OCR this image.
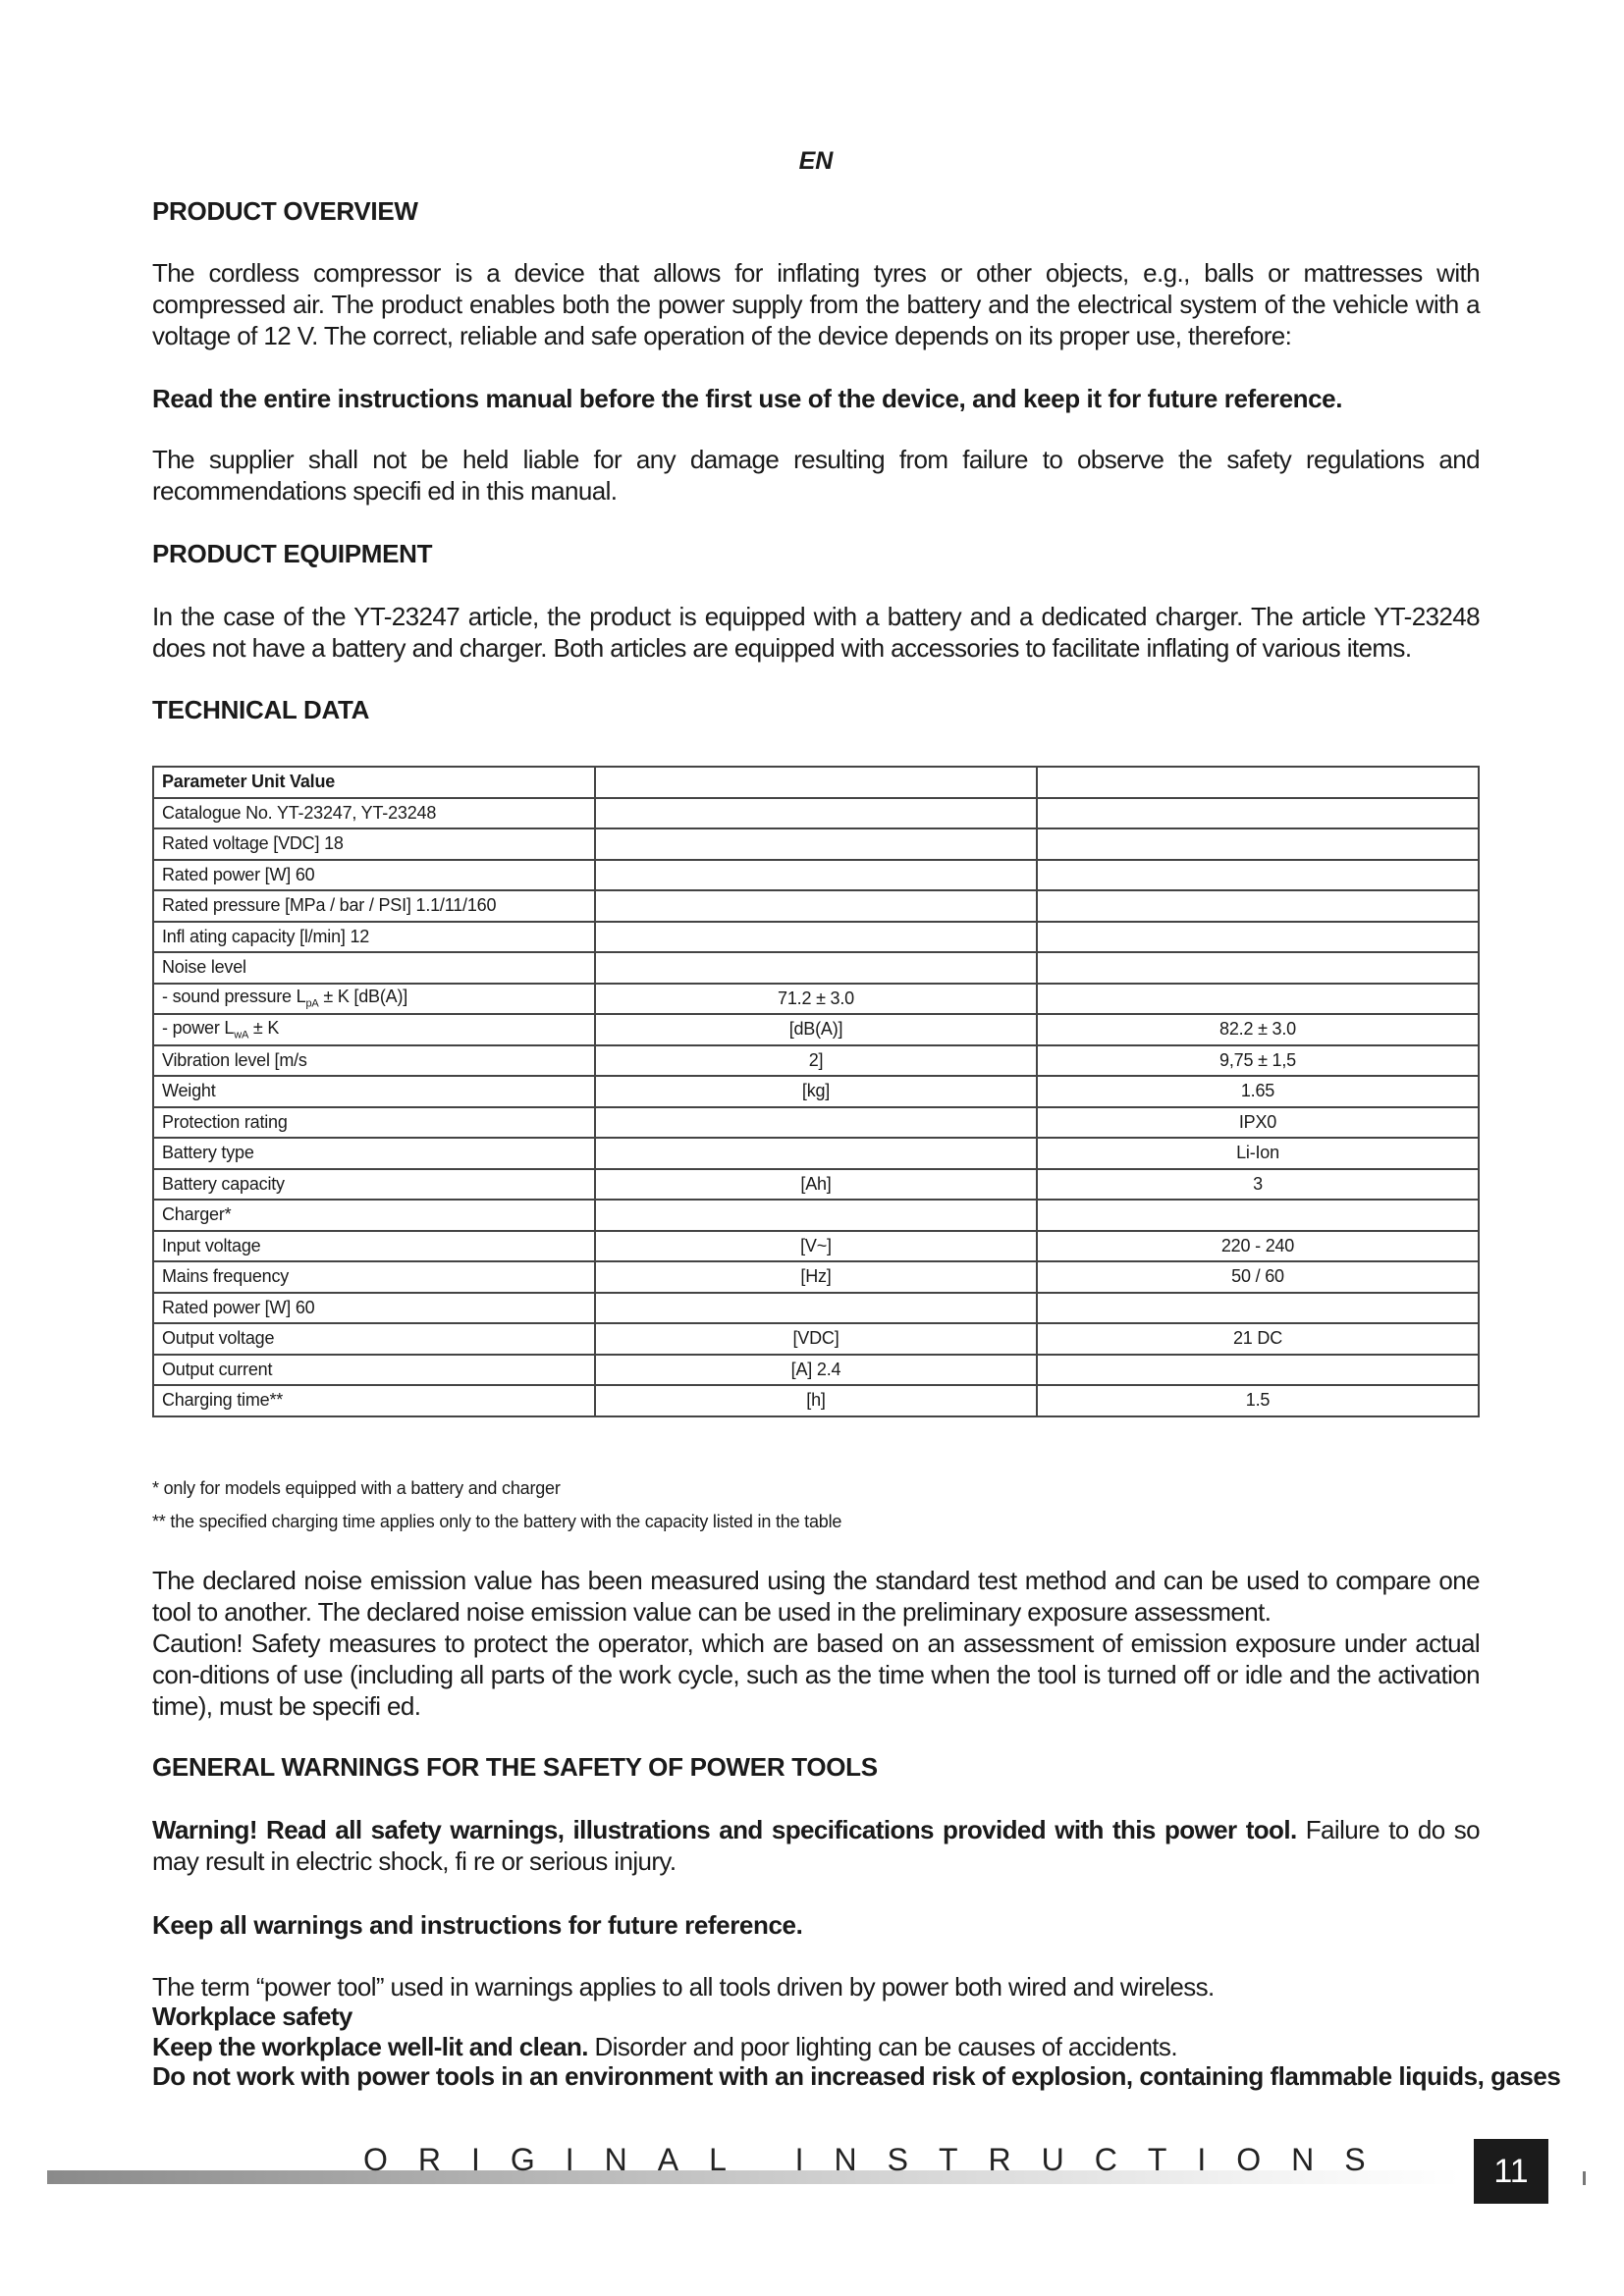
EN
PRODUCT OVERVIEW
The cordless compressor is a device that allows for inflating tyres or other objects, e.g., balls or mattresses with compressed air. The product enables both the power supply from the battery and the electrical system of the vehicle with a voltage of 12 V. The correct, reliable and safe operation of the device depends on its proper use, therefore:
Read the entire instructions manual before the first use of the device, and keep it for future reference.
The supplier shall not be held liable for any damage resulting from failure to observe the safety regulations and recommendations specifi ed in this manual.
PRODUCT EQUIPMENT
In the case of the YT-23247 article, the product is equipped with a battery and a dedicated charger. The article YT-23248 does not have a battery and charger. Both articles are equipped with accessories to facilitate inflating of various items.
TECHNICAL DATA
Parameter Unit Value		
Catalogue No. YT-23247, YT-23248		
Rated voltage [VDC] 18		
Rated power [W] 60		
Rated pressure [MPa / bar / PSI] 1.1/11/160		
Infl ating capacity [l/min] 12		
Noise level		
- sound pressure $L_{pA} \pm K$ [dB(A)]	71.2 ± 3.0	
- power $L_{wA} \pm K$	[dB(A)]	82.2 ± 3.0
Vibration level [m/s	2]	9,75 ± 1,5
Weight	[kg]	1.65
Protection rating		IPX0
Battery type		Li-Ion
Battery capacity	[Ah]	3
Charger*		
Input voltage	[V~]	220 - 240
Mains frequency	[Hz]	50 / 60
Rated power [W] 60		
Output voltage	[VDC]	21 DC
Output current	[A] 2.4	
Charging time**	[h]	1.5
* only for models equipped with a battery and charger
** the specified charging time applies only to the battery with the capacity listed in the table
The declared noise emission value has been measured using the standard test method and can be used to compare one tool to another. The declared noise emission value can be used in the preliminary exposure assessment.
Caution! Safety measures to protect the operator, which are based on an assessment of emission exposure under actual con-ditions of use (including all parts of the work cycle, such as the time when the tool is turned off or idle and the activation time), must be specifi ed.
GENERAL WARNINGS FOR THE SAFETY OF POWER TOOLS
Warning! Read all safety warnings, illustrations and specifications provided with this power tool. Failure to do so may result in electric shock, fi re or serious injury.
Keep all warnings and instructions for future reference.
The term “power tool” used in warnings applies to all tools driven by power both wired and wireless.
Workplace safety
Keep the workplace well-lit and clean. Disorder and poor lighting can be causes of accidents.
Do not work with power tools in an environment with an increased risk of explosion, containing flammable liquids, gases
ORIGINAL INSTRUCTIONS	11
